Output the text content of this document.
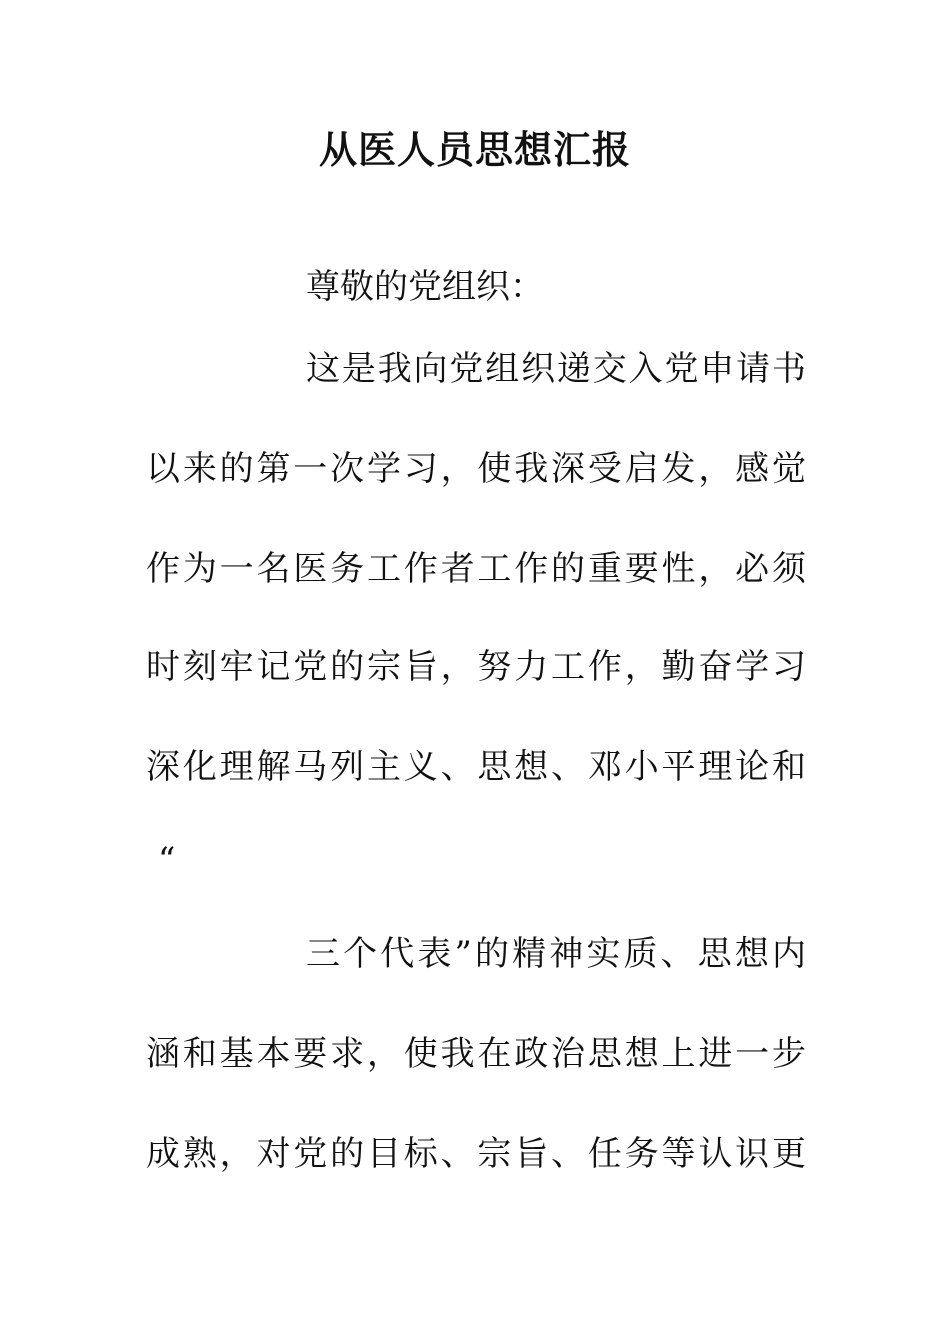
从医人员思想汇报

尊敬的党组织：

这是我向党组织递交入党申请书

以来的第一次学习，使我深受启发，感觉

作为一名医务工作者工作的重要性，必须

时刻牢记党的宗旨，努力工作，勤奋学习

深化理解马列主义、思想、邓小平理论和

“

三个代表”的精神实质、思想内

涵和基本要求，使我在政治思想上进一步

成熟，对党的目标、宗旨、任务等认识更
